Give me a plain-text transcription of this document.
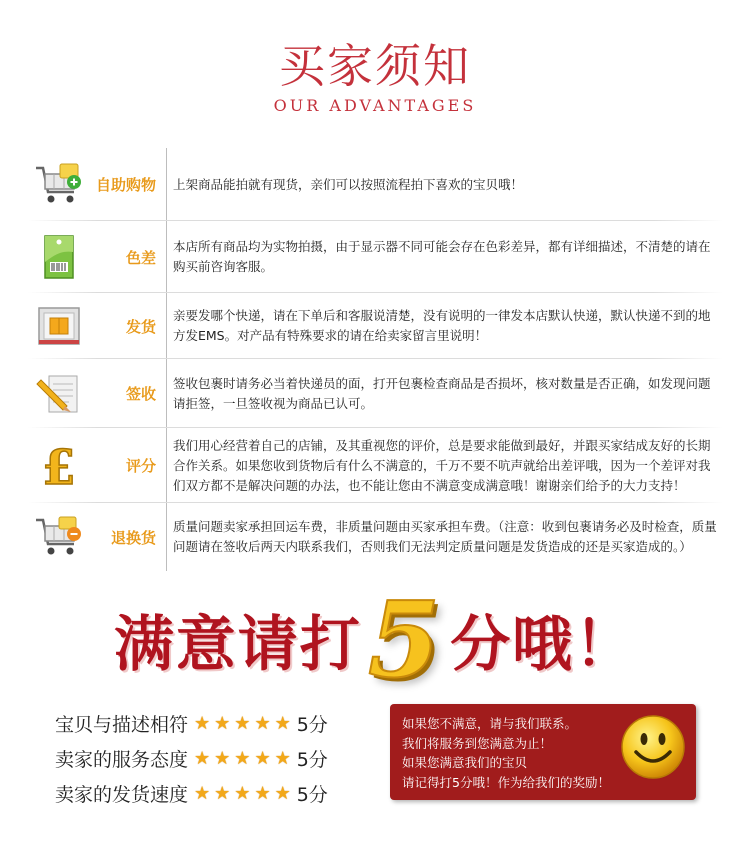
买家须知
OUR ADVANTAGES
自助购物	上架商品能拍就有现货，亲们可以按照流程拍下喜欢的宝贝哦！
色差
本店所有商品均为实物拍摄，由于显示器不同可能会存在色彩差异，都有详细描述，不清楚的请在购买前咨询客服。
发货
亲要发哪个快递，请在下单后和客服说清楚，没有说明的一律发本店默认快递，默认快递不到的地方发EMS。对产品有特殊要求的请在给卖家留言里说明！
签收
签收包裹时请务必当着快递员的面，打开包裹检查商品是否损坏，核对数量是否正确，如发现问题请拒签，一旦签收视为商品已认可。
£	评分
我们用心经营着自己的店铺，及其重视您的评价，总是要求能做到最好，并跟买家结成友好的长期合作关系。如果您收到货物后有什么不满意的，千万不要不吭声就给出差评哦，因为一个差评对我们双方都不是解决问题的办法，也不能让您由不满意变成满意哦！谢谢亲们给予的大力支持！
退换货
质量问题卖家承担回运车费，非质量问题由买家承担车费。（注意：收到包裹请务必及时检查，质量问题请在签收后两天内联系我们，否则我们无法判定质量问题是发货造成的还是买家造成的。）
满意请打 5 分哦！
宝贝与描述相符 ★ ★ ★ ★ ★ 5分
卖家的服务态度 ★ ★ ★ ★ ★ 5分
卖家的发货速度 ★ ★ ★ ★ ★ 5分
如果您不满意，请与我们联系。
我们将服务到您满意为止！
如果您满意我们的宝贝
请记得打5分哦！作为给我们的奖励！
